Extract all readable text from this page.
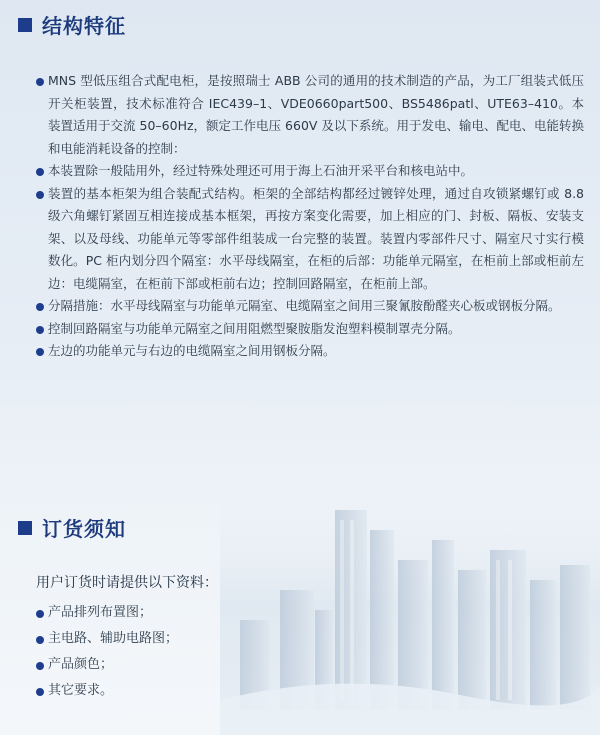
结构特征
MNS 型低压组合式配电柜，是按照瑞士 ABB 公司的通用的技术制造的产品，为工厂组装式低压开关柜装置，技术标准符合 IEC439–1、VDE0660part500、BS5486patl、UTE63–410。本装置适用于交流 50–60Hz，额定工作电压 660V 及以下系统。用于发电、输电、配电、电能转换和电能消耗设备的控制：
本装置除一般陆用外，经过特殊处理还可用于海上石油开采平台和核电站中。
装置的基本柜架为组合装配式结构。柜架的全部结构都经过镀锌处理，通过自攻锁紧螺钉或 8.8 级六角螺钉紧固互相连接成基本框架，再按方案变化需要，加上相应的门、封板、隔板、安装支架、以及母线、功能单元等零部件组装成一台完整的装置。装置内零部件尺寸、隔室尺寸实行模数化。PC 柜内划分四个隔室：水平母线隔室，在柜的后部：功能单元隔室，在柜前上部或柜前左边：电缆隔室，在柜前下部或柜前右边；控制回路隔室，在柜前上部。
分隔措施：水平母线隔室与功能单元隔室、电缆隔室之间用三聚氰胺酚醛夹心板或钢板分隔。
控制回路隔室与功能单元隔室之间用阻燃型聚胺脂发泡塑料模制罩壳分隔。
左边的功能单元与右边的电缆隔室之间用钢板分隔。
订货须知
用户订货时请提供以下资料：
产品排列布置图；
主电路、辅助电路图；
产品颜色；
其它要求。
